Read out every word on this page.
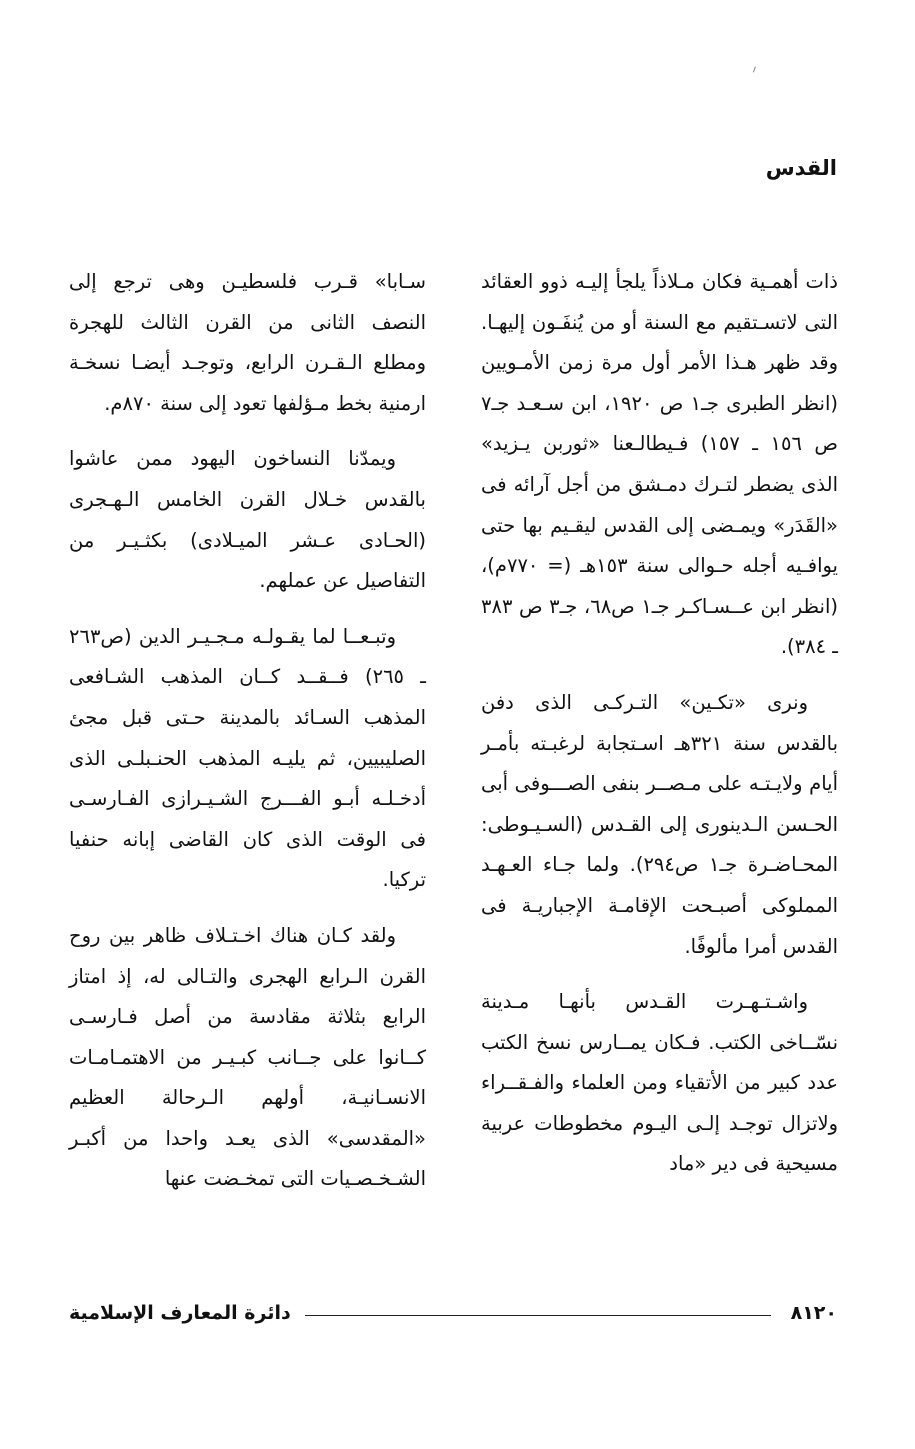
القدس

ذات أهمـية فكان مـلاذاً يلجأ إليـه ذوو العقائد التى لاتسـتقيم مع السنة أو من يُنفَـون إليهـا. وقد ظهر هـذا الأمر أول مرة زمن الأمـويين (انظر الطبرى جـ١ ص ١٩٢٠، ابن سـعـد جـ٧ ص ١٥٦ ـ ١٥٧) فـيطالـعنا «ثوربن يـزيد» الذى يضطر لتـرك دمـشق من أجل آرائه فى «القَدَر» ويمـضى إلى القدس ليقـيم بها حتى يوافـيه أجله حـوالى سنة ١٥٣هـ (= ٧٧٠م)، (انظر ابن عــسـاكـر جـ١ ص٦٨، جـ٣ ص ٣٨٣ ـ ٣٨٤).

ونرى «تكـين» التـركـى الذى دفن بالقدس سنة ٣٢١هـ اسـتجابة لرغبـته بأمـر أيام ولايـتـه على مـصــر بنفى الصـــوفى أبى الحـسن الـدينورى إلى القـدس (السـيـوطى: المحـاضـرة جـ١ ص٢٩٤). ولما جـاء العـهـد المملوكى أصبـحت الإقامـة الإجباريـة فى القدس أمرا مألوفًا.

واشـتـهـرت القـدس بأنهـا مـدينة نسّــاخى الكتب. فـكان يمــارس نسخ الكتب عدد كبير من الأتقياء ومن العلماء والفـقــراء ولاتزال توجـد إلـى اليـوم مخطوطات عربية مسيحية فى دير «ماد

سـابا» قـرب فلسطيـن وهى ترجع إلى النصف الثانى من القرن الثالث للهجرة ومطلع الـقـرن الرابع، وتوجـد أيضـا نسخـة ارمنية بخط مـؤلفها تعود إلى سنة ٨٧٠م.

ويمدّنا النساخون اليهود ممن عاشوا بالقدس خـلال القرن الخامس الـهـجرى (الحـادى عـشر الميـلادى) بكثـيـر من التفاصيل عن عملهم.

وتبـعــا لما يقـولـه مـجـيـر الدين (ص٢٦٣ ـ ٢٦٥) فــقــد كــان المذهب الشـافعى المذهب السـائد بالمدينة حـتى قبل مجئ الصليبيين، ثم يليـه المذهب الحنـبلـى الذى أدخـلـه أبـو الفـــرج الشـيـرازى الفـارسـى فى الوقت الذى كان القاضى إبانه حنفيا تركيا.

ولقد كـان هناك اخـتـلاف ظاهر بين روح القرن الـرابع الهجرى والتـالى له، إذ امتاز الرابع بثلاثة مقادسة من أصل فـارسـى كــانوا على جــانب كبـيـر من الاهتمـامـات الانسـانيـة، أولهم الـرحالة العظيم «المقدسى» الذى يعـد واحدا من أكبـر الشـخـصـيات التى تمخـضت عنها

٨١٢٠
دائرة المعارف الإسلامية
